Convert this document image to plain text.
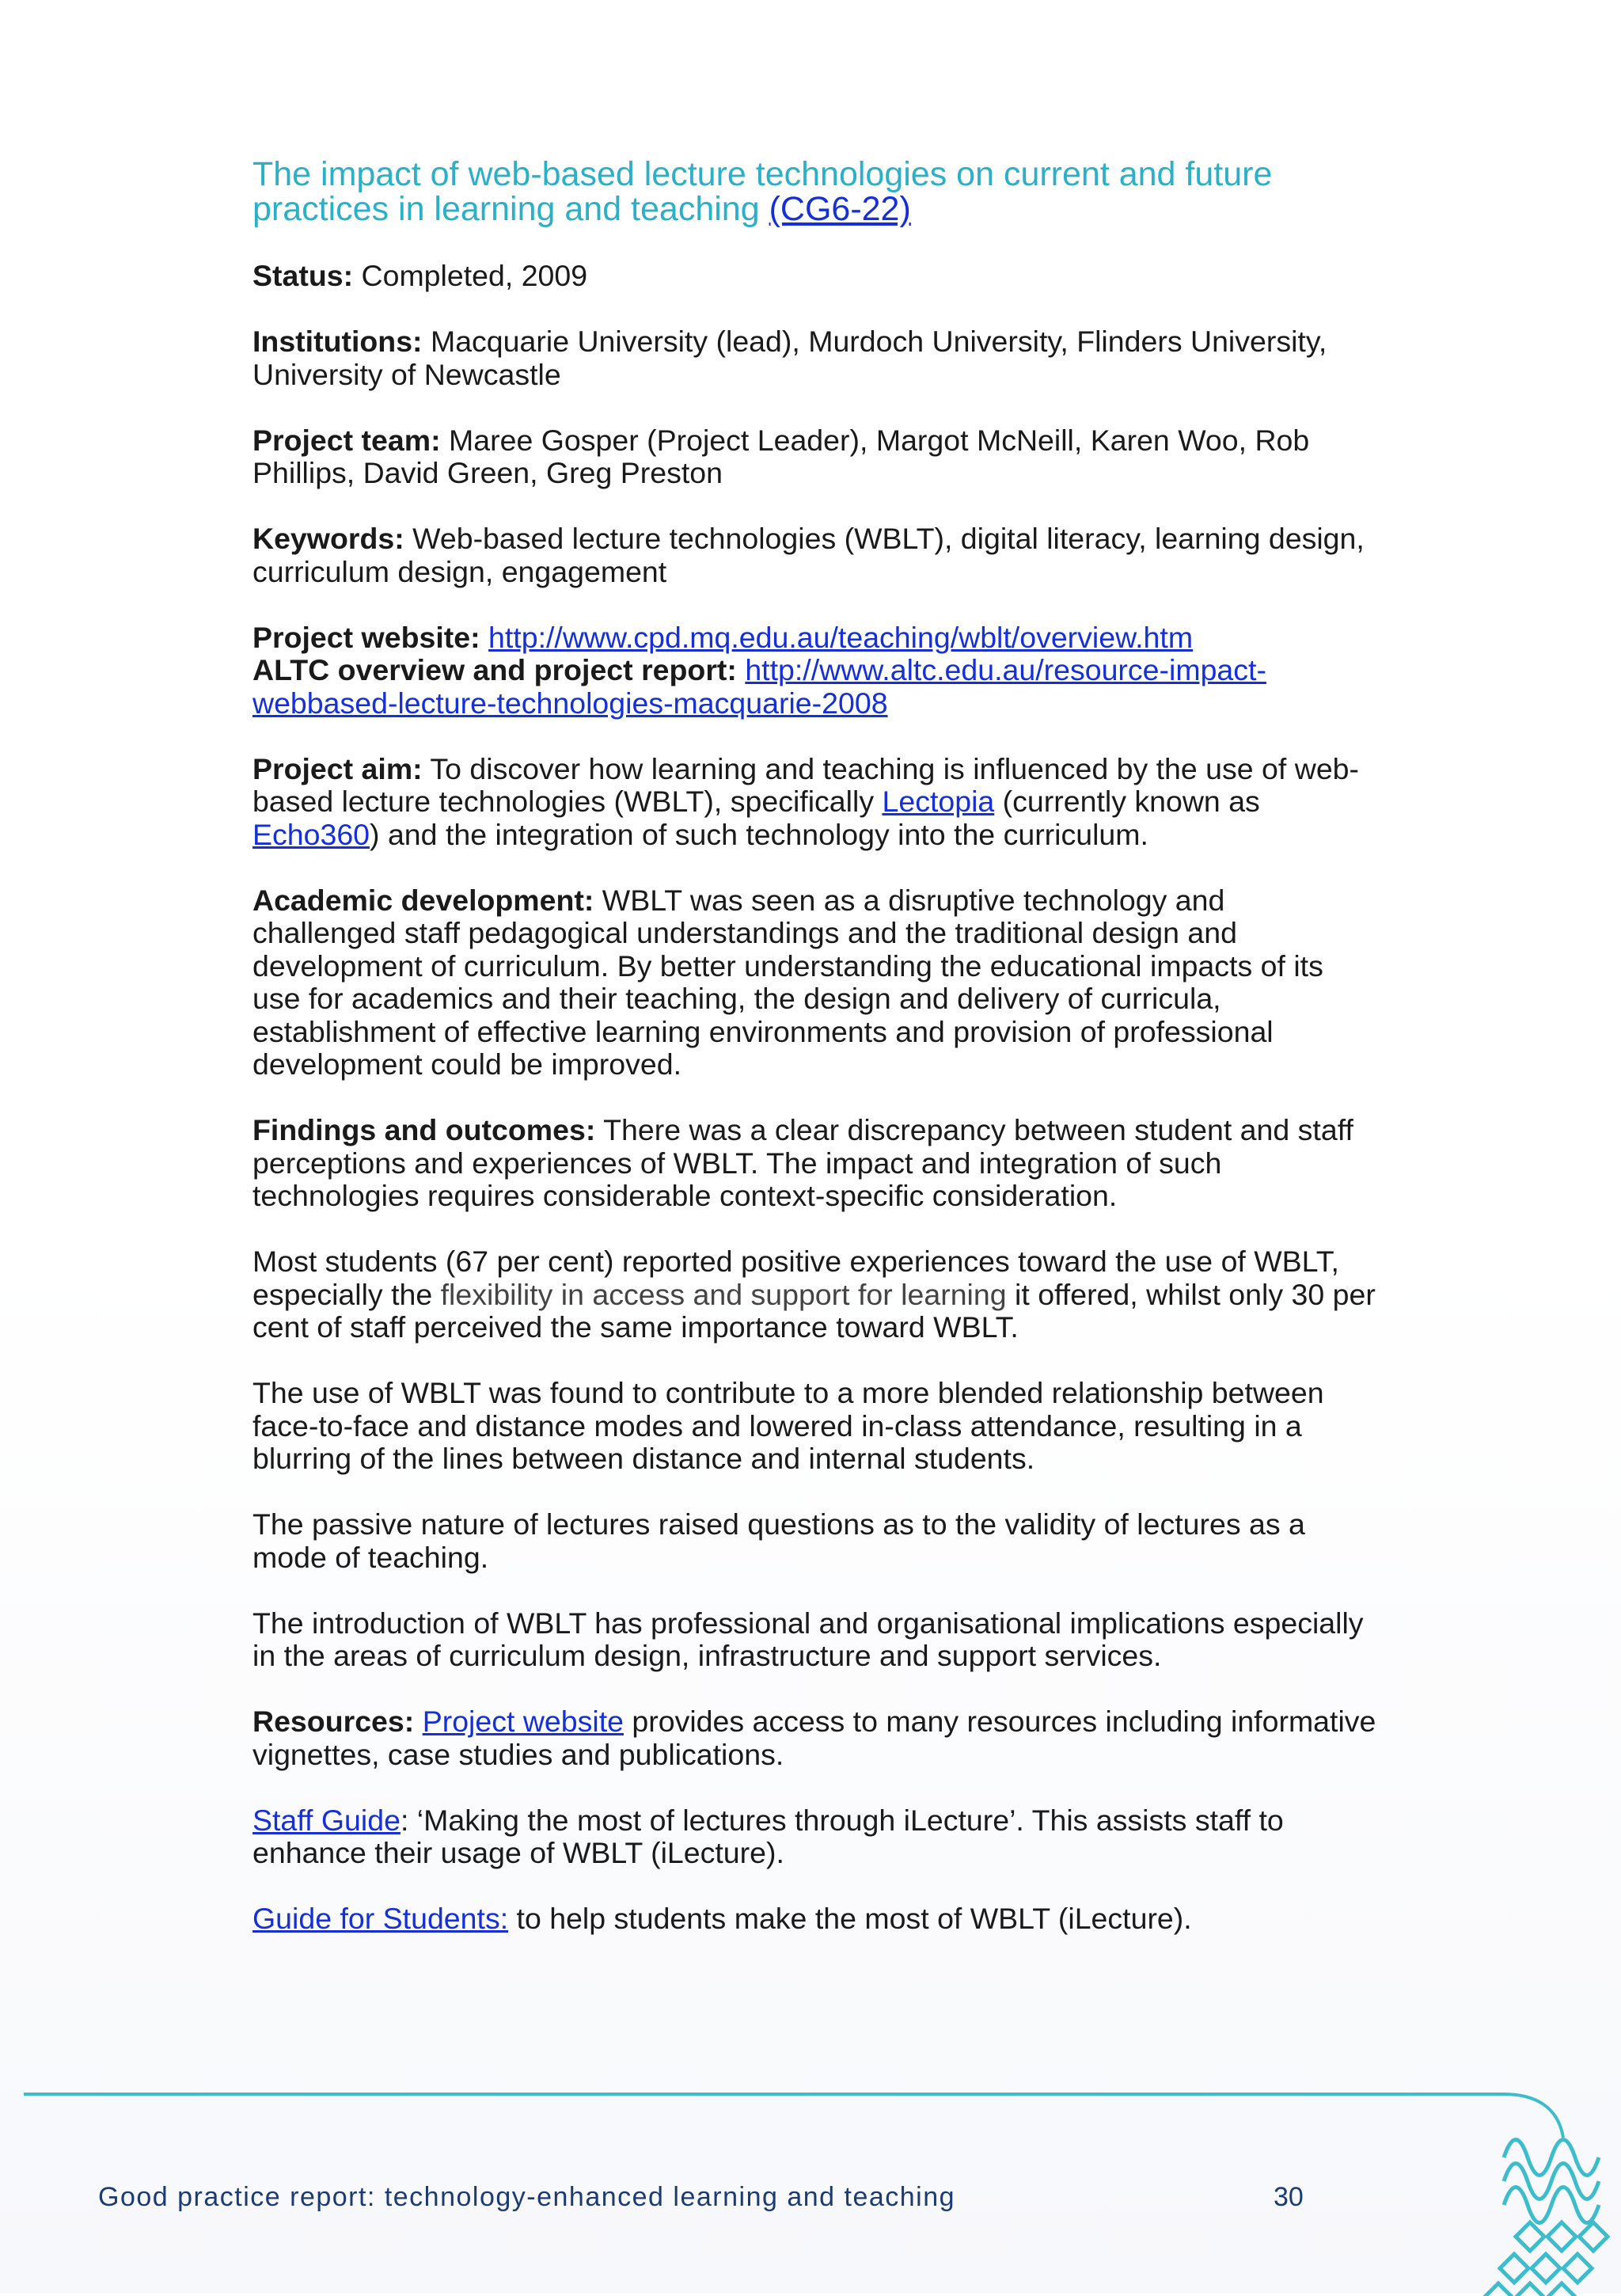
The impact of web-based lecture technologies on current and future practices in learning and teaching (CG6-22)

Status: Completed, 2009

Institutions: Macquarie University (lead), Murdoch University, Flinders University, University of Newcastle

Project team: Maree Gosper (Project Leader), Margot McNeill, Karen Woo, Rob Phillips, David Green, Greg Preston

Keywords: Web-based lecture technologies (WBLT), digital literacy, learning design, curriculum design, engagement

Project website: http://www.cpd.mq.edu.au/teaching/wblt/overview.htm

ALTC overview and project report: http://www.altc.edu.au/resource-impact-webbased-lecture-technologies-macquarie-2008

Project aim: To discover how learning and teaching is influenced by the use of web-based lecture technologies (WBLT), specifically Lectopia (currently known as Echo360) and the integration of such technology into the curriculum.

Academic development: WBLT was seen as a disruptive technology and challenged staff pedagogical understandings and the traditional design and development of curriculum. By better understanding the educational impacts of its use for academics and their teaching, the design and delivery of curricula, establishment of effective learning environments and provision of professional development could be improved.

Findings and outcomes: There was a clear discrepancy between student and staff perceptions and experiences of WBLT. The impact and integration of such technologies requires considerable context-specific consideration.

Most students (67 per cent) reported positive experiences toward the use of WBLT, especially the flexibility in access and support for learning it offered, whilst only 30 per cent of staff perceived the same importance toward WBLT.

The use of WBLT was found to contribute to a more blended relationship between face-to-face and distance modes and lowered in-class attendance, resulting in a blurring of the lines between distance and internal students.

The passive nature of lectures raised questions as to the validity of lectures as a mode of teaching.

The introduction of WBLT has professional and organisational implications especially in the areas of curriculum design, infrastructure and support services.

Resources: Project website provides access to many resources including informative vignettes, case studies and publications.

Staff Guide: ‘Making the most of lectures through iLecture’. This assists staff to enhance their usage of WBLT (iLecture).

Guide for Students: to help students make the most of WBLT (iLecture).

Good practice report: technology-enhanced learning and teaching	30
